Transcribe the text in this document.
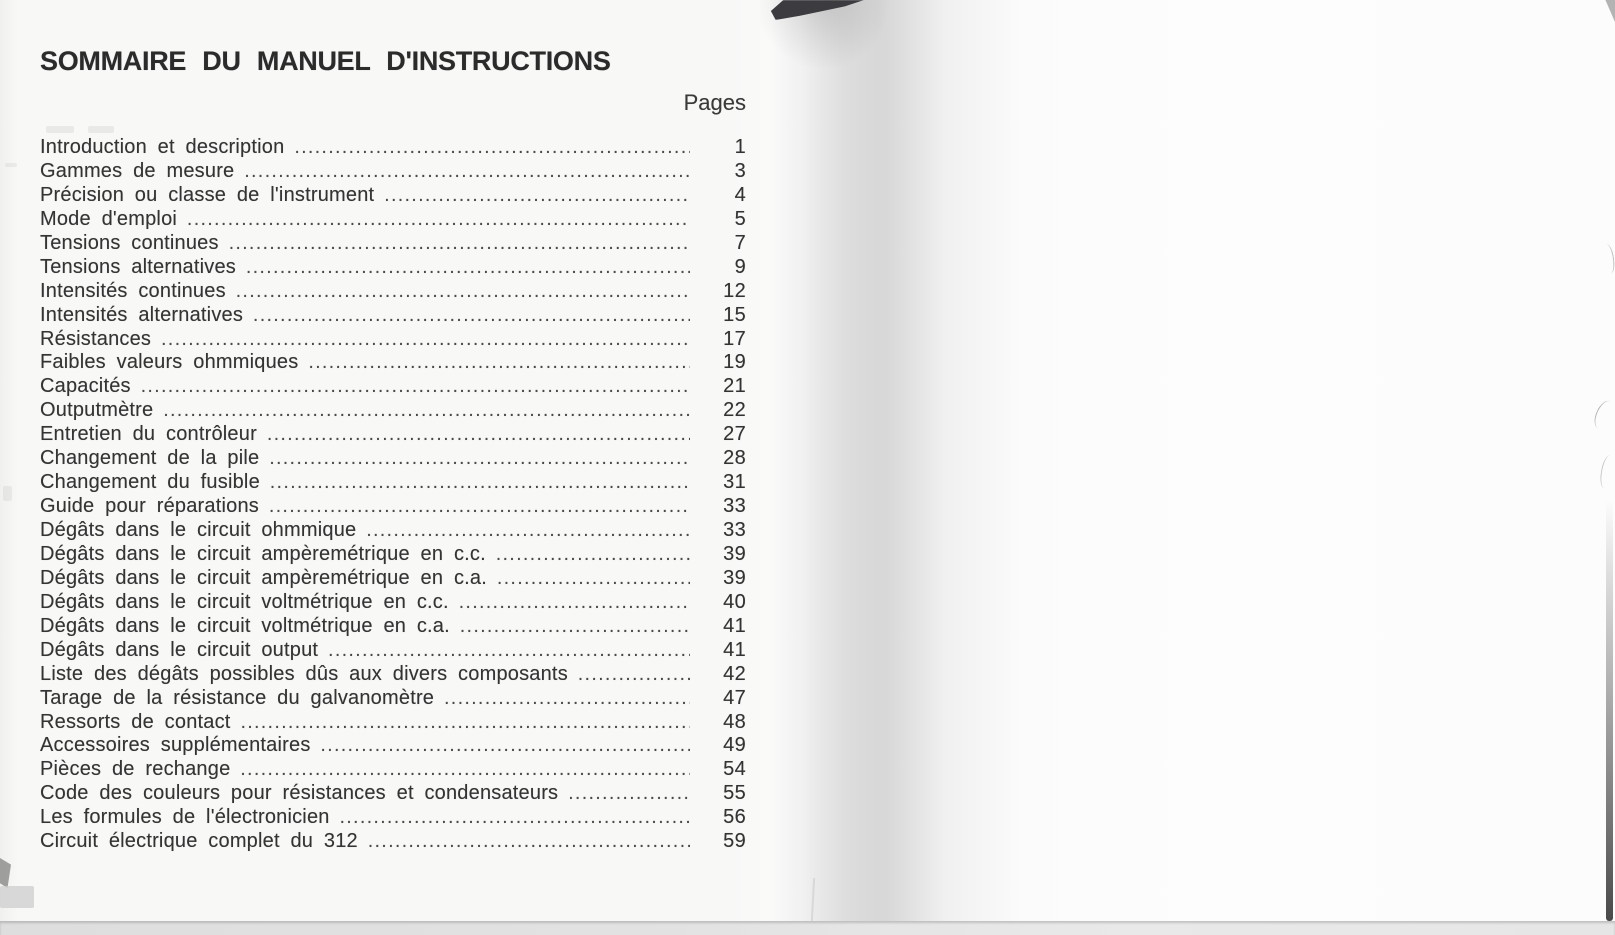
SOMMAIRE DU MANUEL D'INSTRUCTIONS
Pages
Introduction et description .....	1
Gammes de mesure .....	3
Précision ou classe de l'instrument .....	4
Mode d'emploi .....	5
Tensions continues .....	7
Tensions alternatives .....	9
Intensités continues .....	12
Intensités alternatives .....	15
Résistances .....	17
Faibles valeurs ohmmiques .....	19
Capacités .....	21
Outputmètre .....	22
Entretien du contrôleur .....	27
Changement de la pile .....	28
Changement du fusible .....	31
Guide pour réparations .....	33
Dégâts dans le circuit ohmmique .....	33
Dégâts dans le circuit ampèremétrique en c.c. .....	39
Dégâts dans le circuit ampèremétrique en c.a. .....	39
Dégâts dans le circuit voltmétrique en c.c. .....	40
Dégâts dans le circuit voltmétrique en c.a. .....	41
Dégâts dans le circuit output .....	41
Liste des dégâts possibles dûs aux divers composants .....	42
Tarage de la résistance du galvanomètre .....	47
Ressorts de contact .....	48
Accessoires supplémentaires .....	49
Pièces de rechange .....	54
Code des couleurs pour résistances et condensateurs .....	55
Les formules de l'électronicien .....	56
Circuit électrique complet du 312 .....	59
